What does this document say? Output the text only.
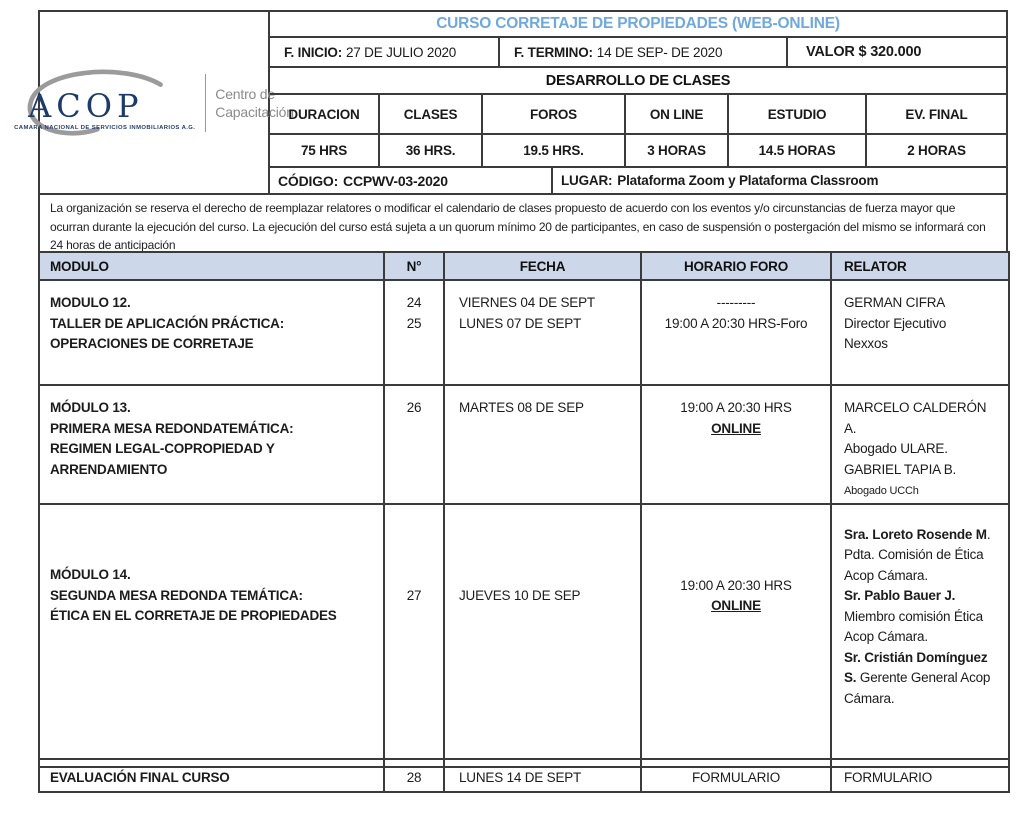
ACOP
CAMARA NACIONAL DE SERVICIOS INMOBILIARIOS A.G.
Centro de
Capacitación
CURSO CORRETAJE DE PROPIEDADES (WEB-ONLINE)
F. INICIO: 27 DE JULIO 2020	F. TERMINO: 14 DE SEP- DE 2020	VALOR $ 320.000
DESARROLLO DE CLASES
DURACION	CLASES	FOROS	ON LINE	ESTUDIO	EV. FINAL
75 HRS	36 HRS.	19.5 HRS.	3 HORAS	14.5 HORAS	2 HORAS
CÓDIGO: CCPWV-03-2020	LUGAR: Plataforma Zoom y Plataforma Classroom
La organización se reserva el derecho de reemplazar relatores o modificar el calendario de clases propuesto de acuerdo con los eventos y/o circunstancias de fuerza mayor que ocurran durante la ejecución del curso. La ejecución del curso está sujeta a un quorum mínimo 20 de participantes, en caso de suspensión o postergación del mismo se informará con 24 horas de anticipación
MODULO	N°	FECHA	HORARIO FORO	RELATOR

MODULO 12.
TALLER DE APLICACIÓN PRÁCTICA:
OPERACIONES DE CORRETAJE

24
25

VIERNES 04 DE SEPT
LUNES 07 DE SEPT

---------
19:00 A 20:30 HRS-Foro

GERMAN CIFRA
Director Ejecutivo
Nexxos

MÓDULO 13.
PRIMERA MESA REDONDATEMÁTICA:
REGIMEN LEGAL-COPROPIEDAD Y
ARRENDAMIENTO

26	MARTES 08 DE SEP	19:00 A 20:30 HRS
ONLINE

MARCELO CALDERÓN A.
Abogado ULARE.
GABRIEL TAPIA B.
Abogado UCCh

MÓDULO 14.
SEGUNDA MESA REDONDA TEMÁTICA:
ÉTICA EN EL CORRETAJE DE PROPIEDADES

27	JUEVES 10 DE SEP

19:00 A 20:30 HRS
ONLINE

Sra. Loreto Rosende M.
Pdta. Comisión de Ética
Acop Cámara.
Sr. Pablo Bauer J.
Miembro comisión Ética
Acop Cámara.
Sr. Cristián Domínguez
S. Gerente General Acop
Cámara.

EVALUACIÓN FINAL CURSO	28	LUNES 14 DE SEPT	FORMULARIO	FORMULARIO
